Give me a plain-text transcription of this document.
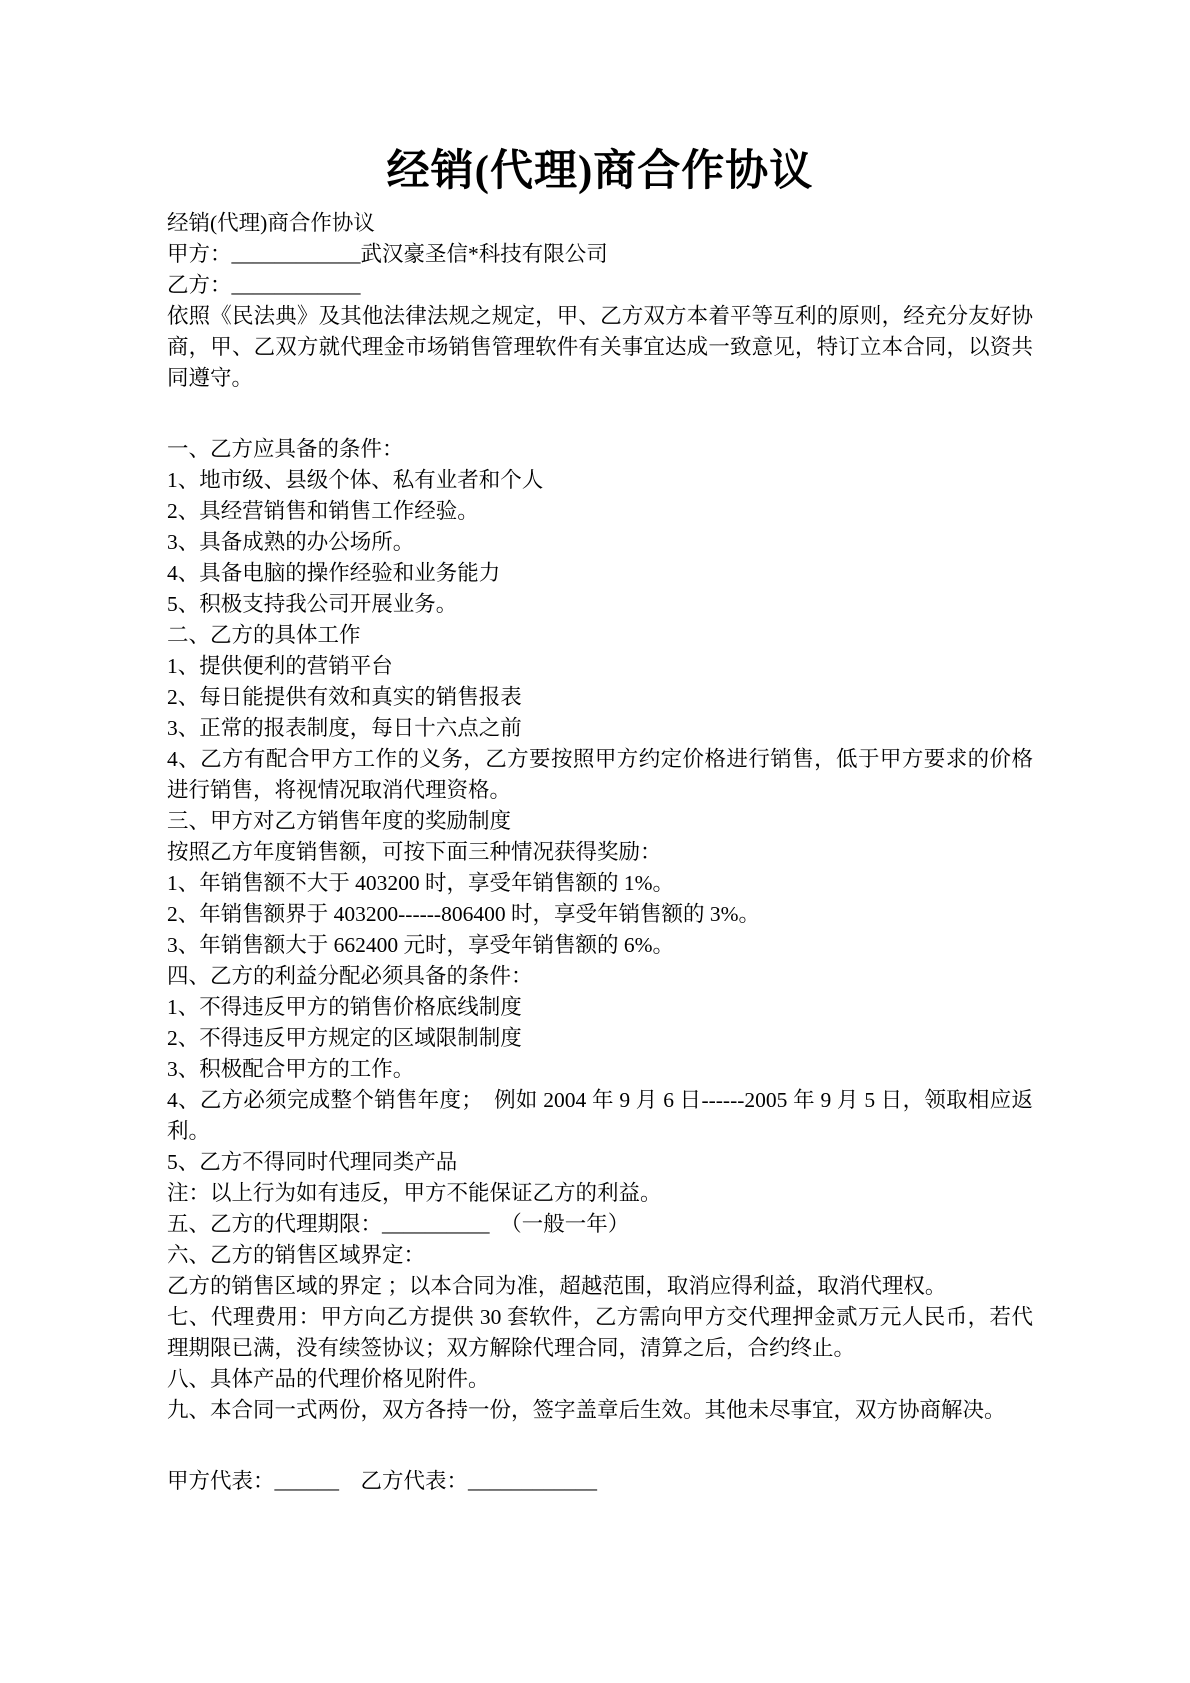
经销(代理)商合作协议
经销(代理)商合作协议
甲方：____________武汉豪圣信*科技有限公司
乙方：____________
依照《民法典》及其他法律法规之规定，甲、乙方双方本着平等互利的原则，经充分友好协商，甲、乙双方就代理金市场销售管理软件有关事宜达成一致意见，特订立本合同，以资共同遵守。
一、乙方应具备的条件：
1、地市级、县级个体、私有业者和个人
2、具经营销售和销售工作经验。
3、具备成熟的办公场所。
4、具备电脑的操作经验和业务能力
5、积极支持我公司开展业务。
二、乙方的具体工作
1、提供便利的营销平台
2、每日能提供有效和真实的销售报表
3、正常的报表制度，每日十六点之前
4、乙方有配合甲方工作的义务，乙方要按照甲方约定价格进行销售，低于甲方要求的价格进行销售，将视情况取消代理资格。
三、甲方对乙方销售年度的奖励制度
按照乙方年度销售额，可按下面三种情况获得奖励：
1、年销售额不大于 403200 时，享受年销售额的 1%。
2、年销售额界于 403200------806400 时，享受年销售额的 3%。
3、年销售额大于 662400 元时，享受年销售额的 6%。
四、乙方的利益分配必须具备的条件：
1、不得违反甲方的销售价格底线制度
2、不得违反甲方规定的区域限制制度
3、积极配合甲方的工作。
4、乙方必须完成整个销售年度；　例如 2004 年 9 月 6 日------2005 年 9 月 5 日，领取相应返利。
5、乙方不得同时代理同类产品
注：以上行为如有违反，甲方不能保证乙方的利益。
五、乙方的代理期限：__________　（一般一年）
六、乙方的销售区域界定：
乙方的销售区域的界定 ；以本合同为准，超越范围，取消应得利益，取消代理权。
七、代理费用：甲方向乙方提供 30 套软件，乙方需向甲方交代理押金贰万元人民币，若代理期限已满，没有续签协议；双方解除代理合同，清算之后，合约终止。
八、具体产品的代理价格见附件。
九、本合同一式两份，双方各持一份，签字盖章后生效。其他未尽事宜，双方协商解决。
甲方代表：______　乙方代表：____________
